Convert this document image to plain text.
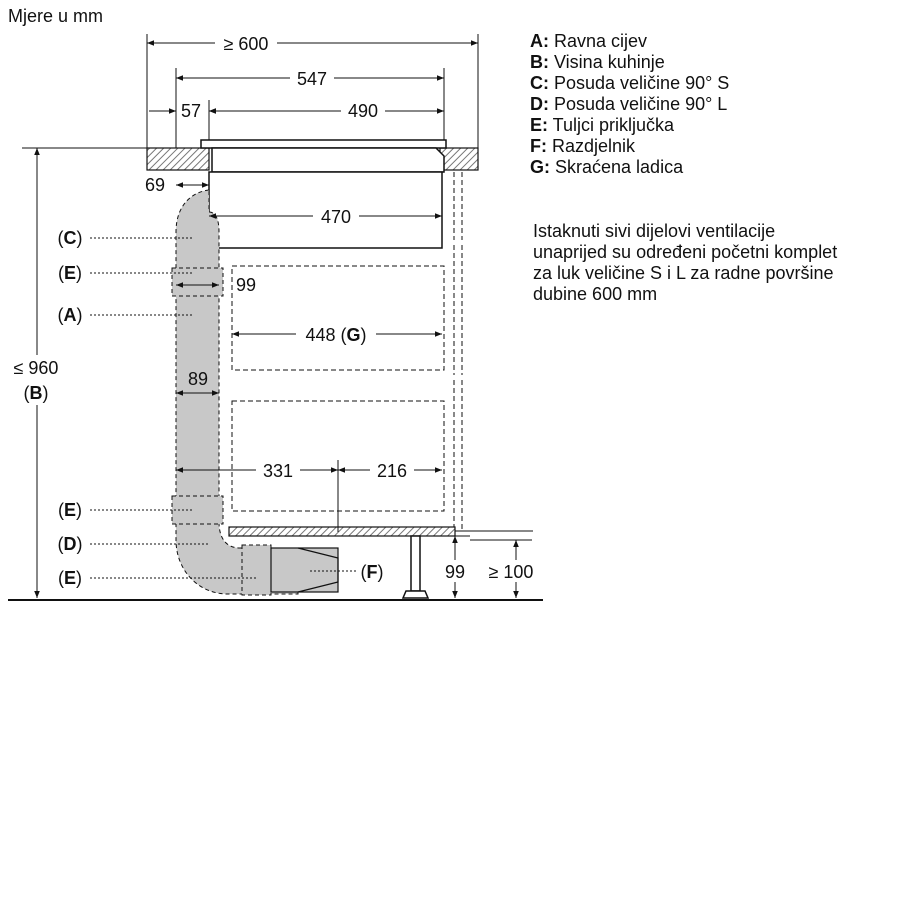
Mjere u mm
≥ 600
547
57	490
69
470
99
448 (G)
89
331	216
≤ 960
(B)
99 ≥ 100
(C)
(E)
(A)
(E)
(D)
(E)	(F)
A: Ravna cijev
B: Visina kuhinje
C: Posuda veličine 90° S
D: Posuda veličine 90° L
E: Tuljci priključka
F: Razdjelnik
G: Skraćena ladica
Istaknuti sivi dijelovi ventilacije
unaprijed su određeni početni komplet
za luk veličine S i L za radne površine
dubine 600 mm
